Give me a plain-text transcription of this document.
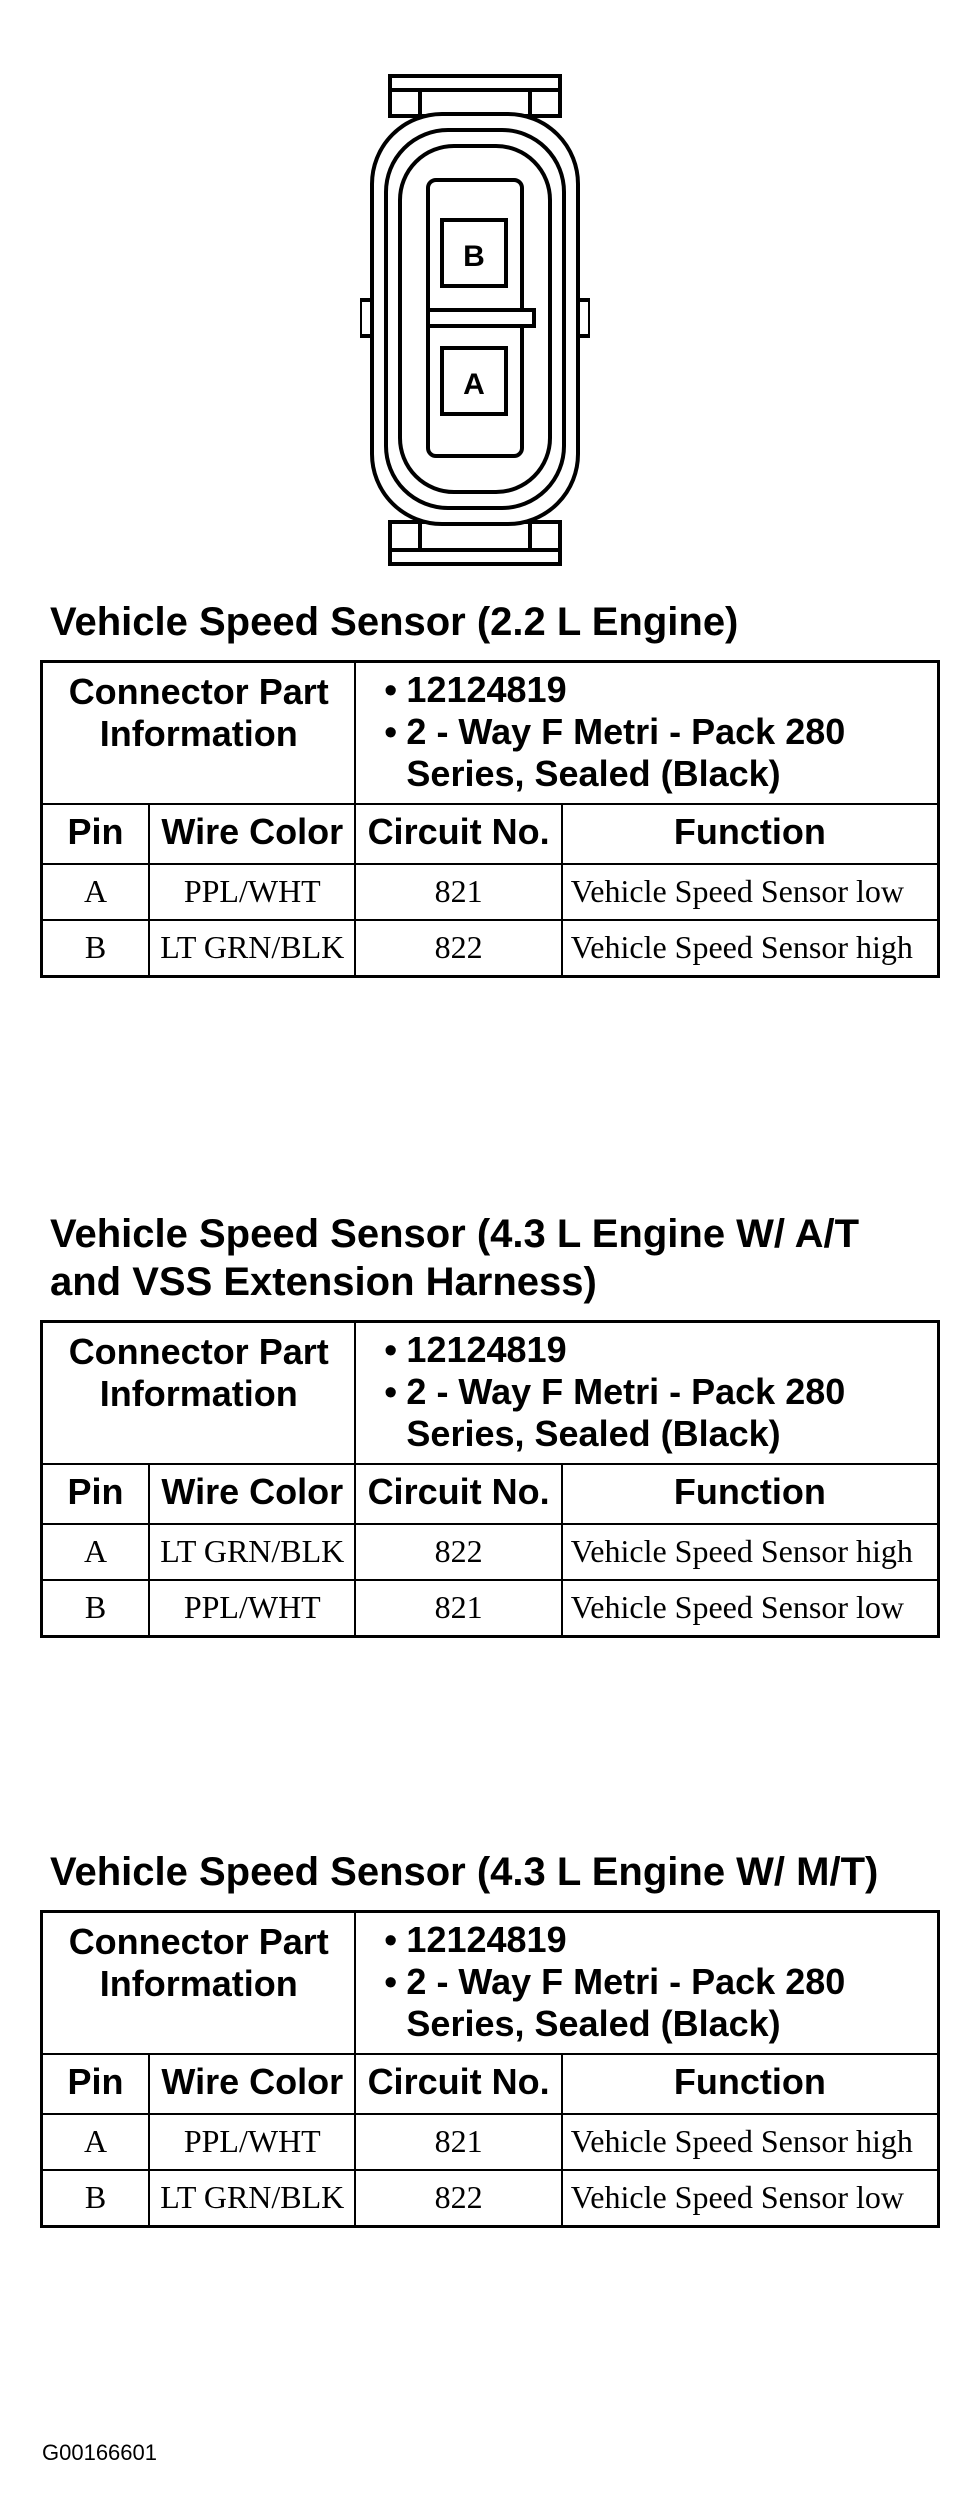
B
A
Vehicle Speed Sensor (2.2 L Engine)
Connector Part Information		• 12124819
• 2 - Way F Metri - Pack 280 Series, Sealed (Black)	

Pin	Wire Color	Circuit No.	Function
A	PPL/WHT	821	Vehicle Speed Sensor low
B	LT GRN/BLK	822	Vehicle Speed Sensor high
Vehicle Speed Sensor (4.3 L Engine W/ A/T and VSS Extension Harness)
Connector Part Information		• 12124819
• 2 - Way F Metri - Pack 280 Series, Sealed (Black)	

Pin	Wire Color	Circuit No.	Function
A	LT GRN/BLK	822	Vehicle Speed Sensor high
B	PPL/WHT	821	Vehicle Speed Sensor low
Vehicle Speed Sensor (4.3 L Engine W/ M/T)
Connector Part Information		• 12124819
• 2 - Way F Metri - Pack 280 Series, Sealed (Black)	

Pin	Wire Color	Circuit No.	Function
A	PPL/WHT	821	Vehicle Speed Sensor high
B	LT GRN/BLK	822	Vehicle Speed Sensor low
G00166601
